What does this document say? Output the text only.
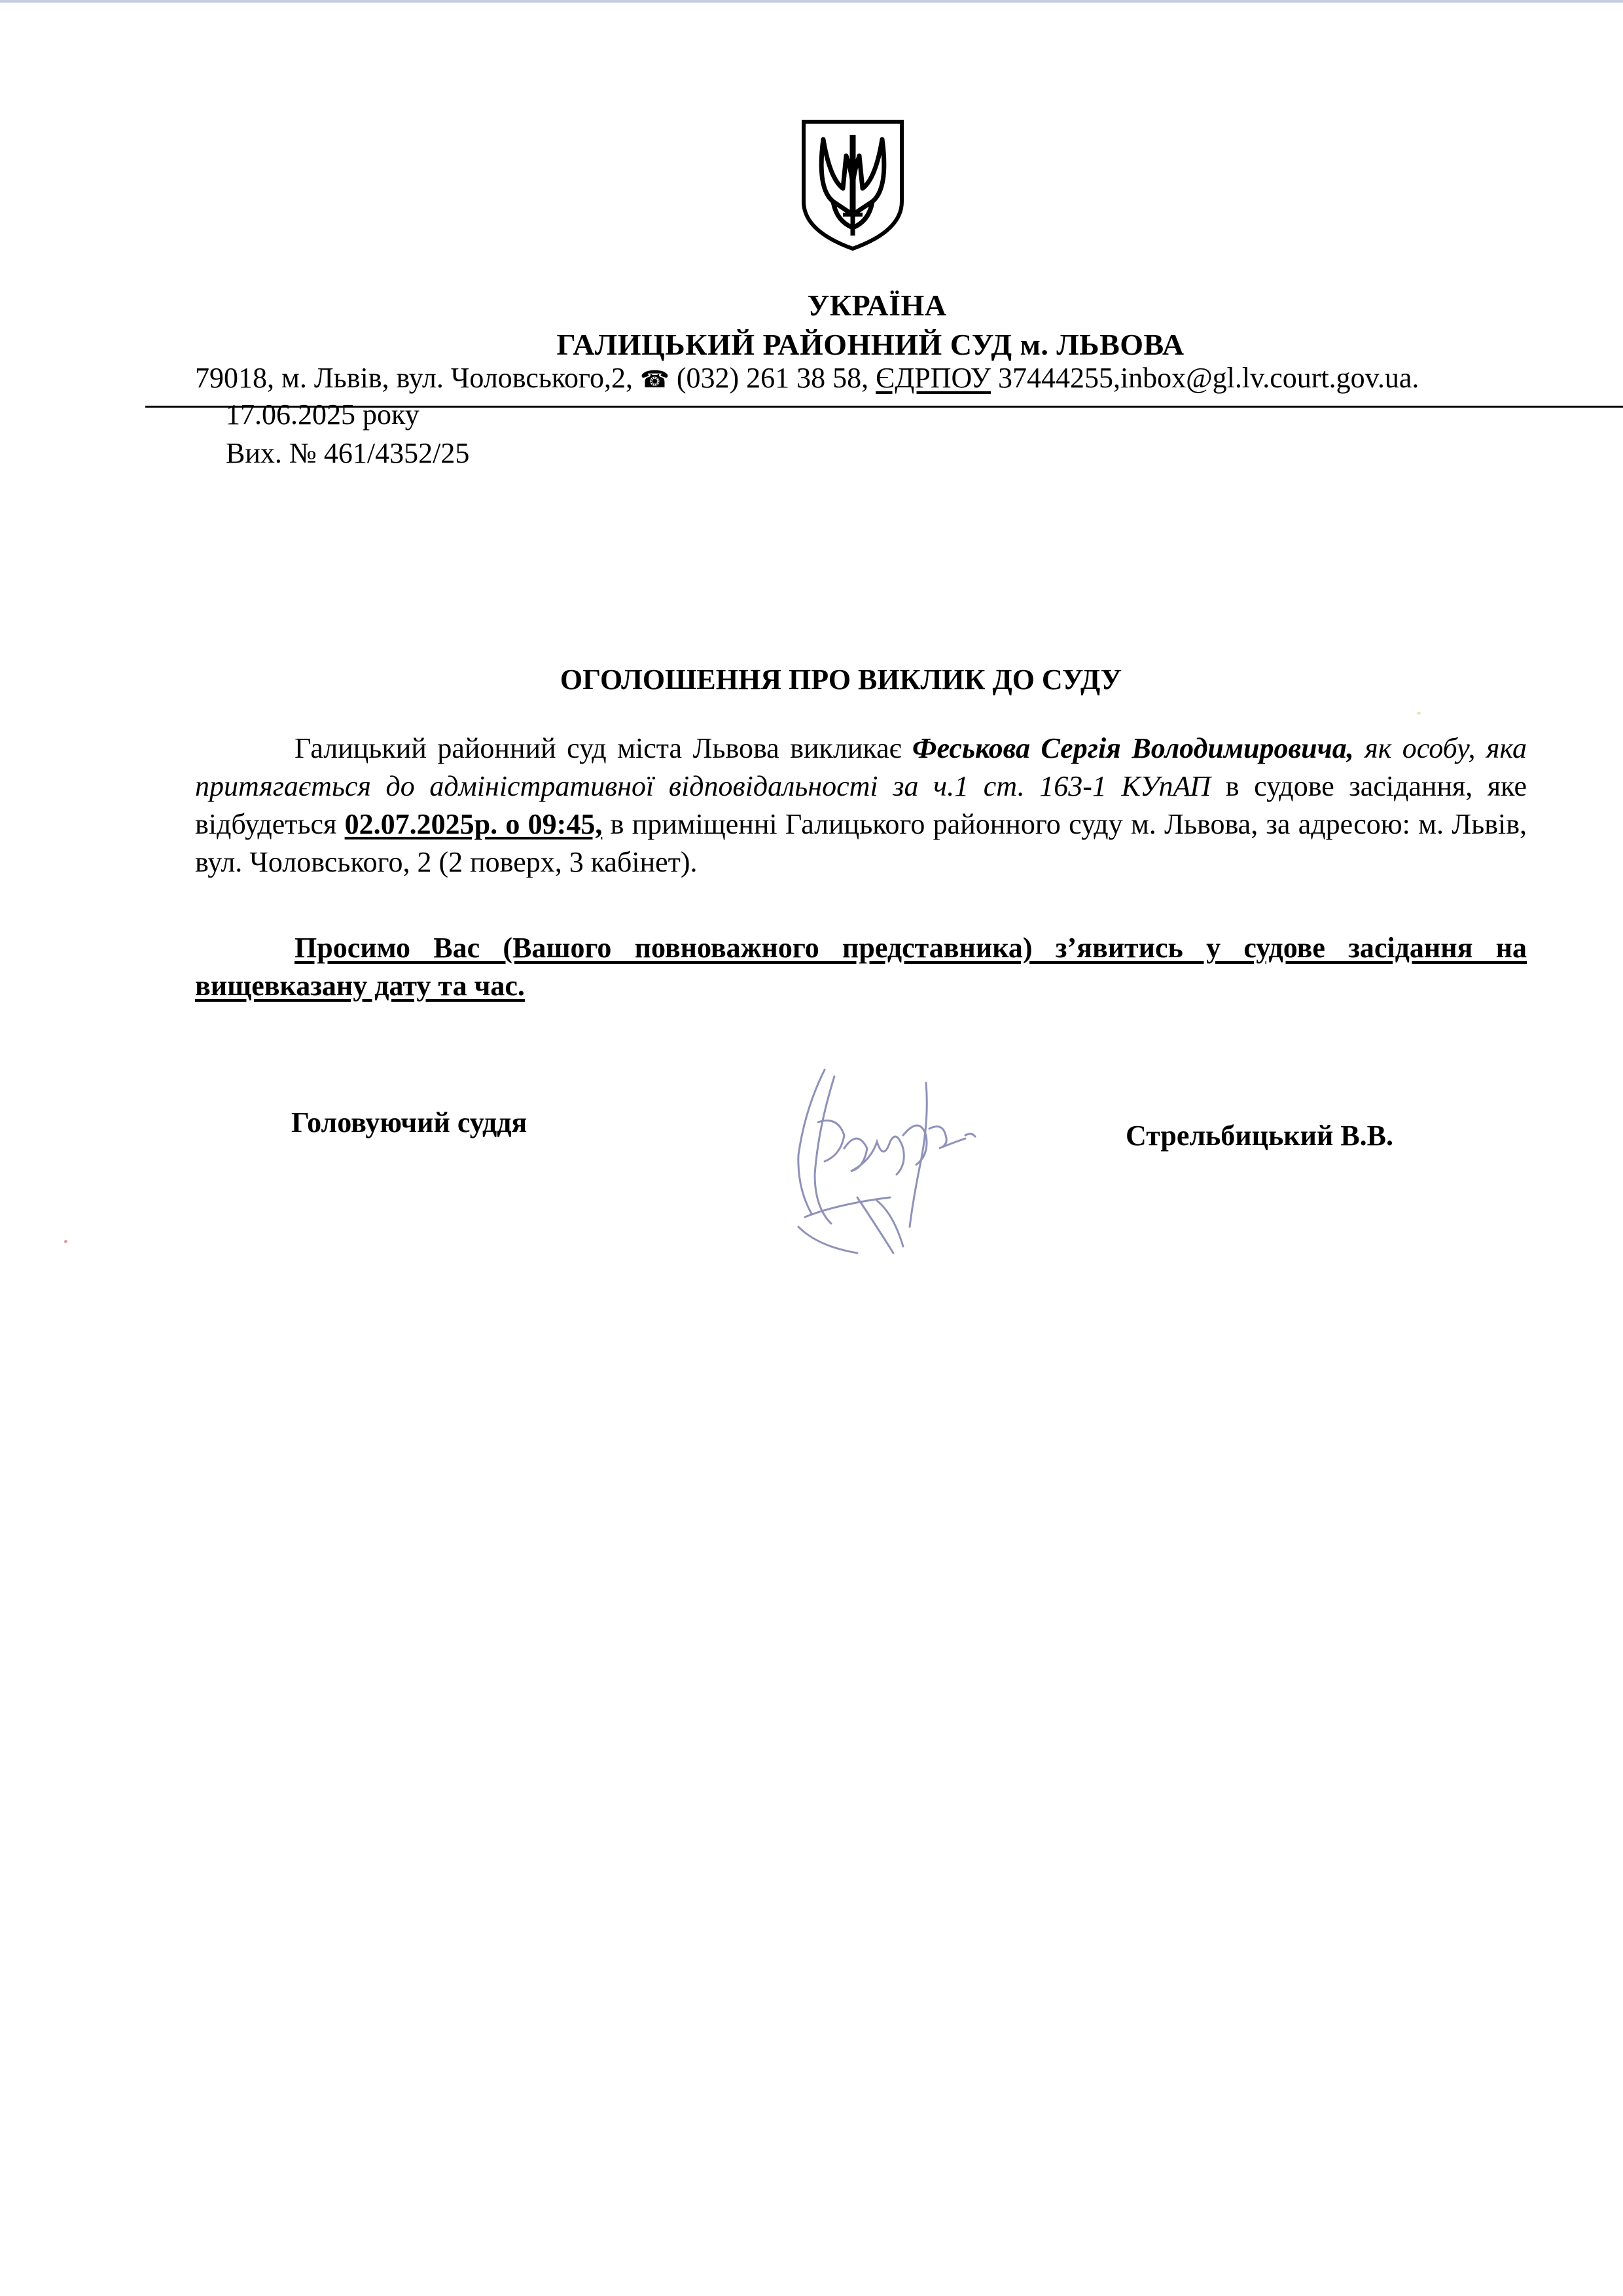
УКРАЇНА
ГАЛИЦЬКИЙ РАЙОННИЙ СУД м. ЛЬВОВА
79018, м. Львів, вул. Чоловського,2, ☎ (032) 261 38 58, ЄДРПОУ 37444255,inbox@gl.lv.court.gov.ua.
17.06.2025 року
Вих. № 461/4352/25
ОГОЛОШЕННЯ ПРО ВИКЛИК ДО СУДУ
Галицький районний суд міста Львова викликає Феськова Сергія Володимировича, як особу, яка притягається до адміністративної відповідальності за ч.1 ст. 163-1 КУпАП в судове засідання, яке відбудеться 02.07.2025р. о 09:45, в приміщенні Галицького районного суду м. Львова, за адресою: м. Львів, вул. Чоловського, 2 (2 поверх, 3 кабінет).
Просимо Вас (Вашого повноважного представника) з’явитись у судове засідання на вищевказану дату та час.
Головуючий суддя	Стрельбицький В.В.
